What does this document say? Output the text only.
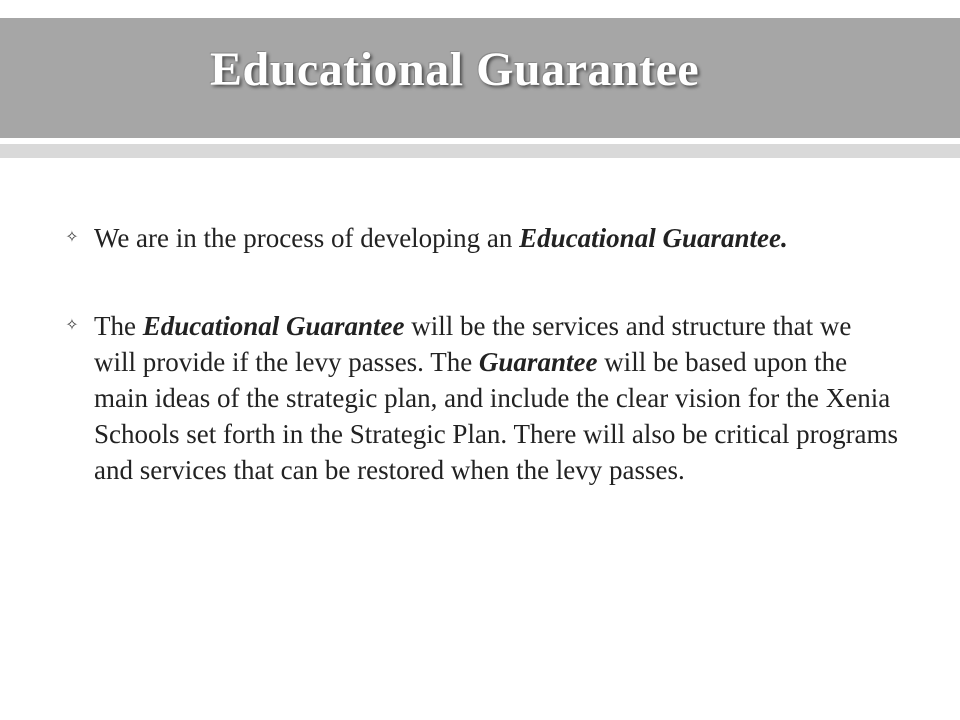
Educational Guarantee
✧ We are in the process of developing an Educational Guarantee.
✧ The Educational Guarantee will be the services and structure that we will provide if the levy passes. The Guarantee will be based upon the main ideas of the strategic plan, and include the clear vision for the Xenia Schools set forth in the Strategic Plan. There will also be critical programs and services that can be restored when the levy passes.
